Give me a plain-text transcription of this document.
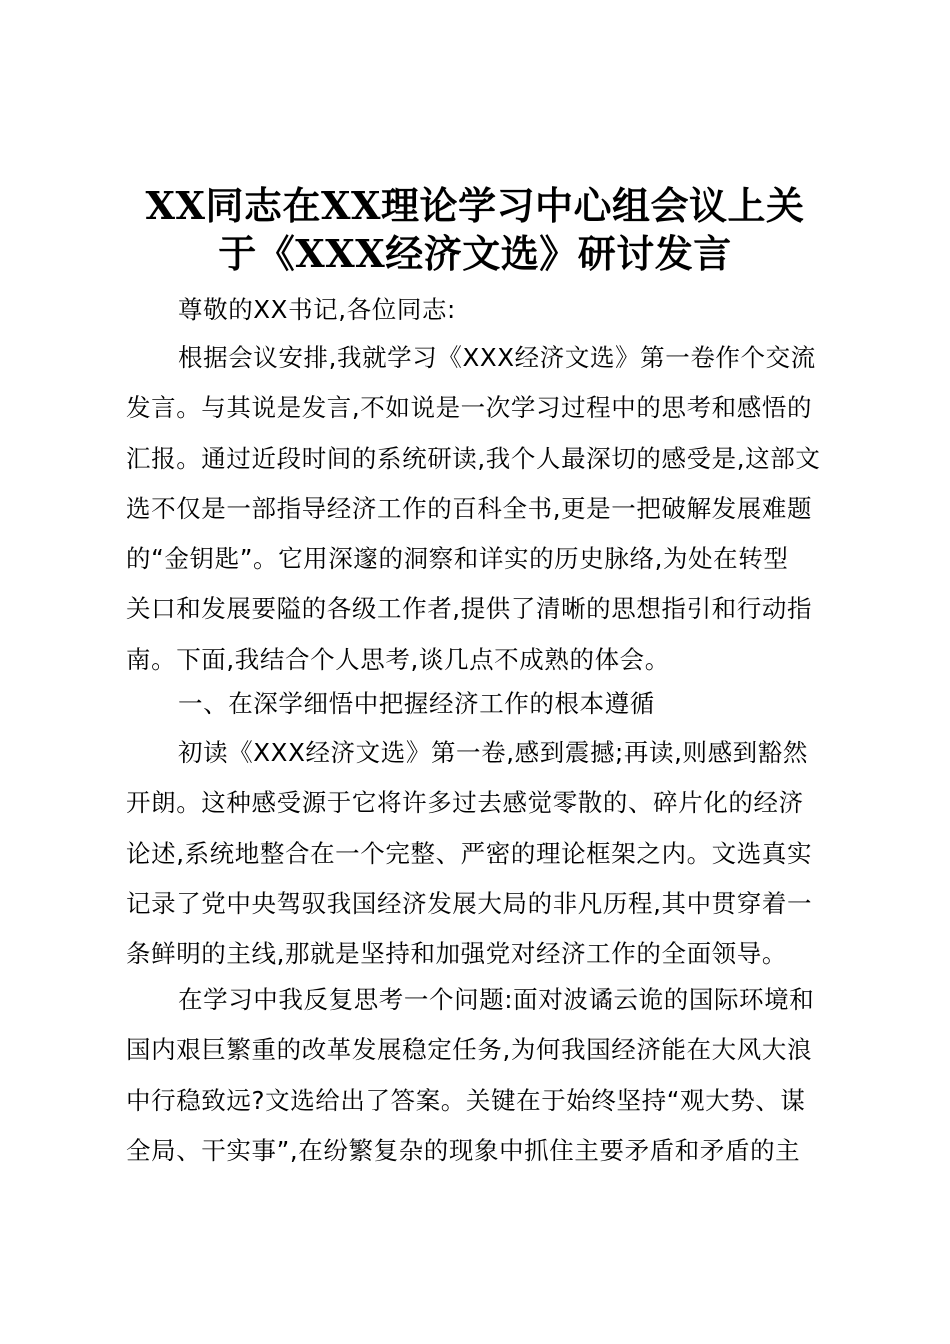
XX同志在XX理论学习中心组会议上关
于《XXX经济文选》研讨发言
尊敬的XX书记,各位同志:
根据会议安排,我就学习《XXX经济文选》第一卷作个交流
发言。与其说是发言,不如说是一次学习过程中的思考和感悟的
汇报。通过近段时间的系统研读,我个人最深切的感受是,这部文
选不仅是一部指导经济工作的百科全书,更是一把破解发展难题
的“金钥匙”。它用深邃的洞察和详实的历史脉络,为处在转型
关口和发展要隘的各级工作者,提供了清晰的思想指引和行动指
南。下面,我结合个人思考,谈几点不成熟的体会。
一、在深学细悟中把握经济工作的根本遵循
初读《XXX经济文选》第一卷,感到震撼;再读,则感到豁然
开朗。这种感受源于它将许多过去感觉零散的、碎片化的经济
论述,系统地整合在一个完整、严密的理论框架之内。文选真实
记录了党中央驾驭我国经济发展大局的非凡历程,其中贯穿着一
条鲜明的主线,那就是坚持和加强党对经济工作的全面领导。
在学习中我反复思考一个问题:面对波谲云诡的国际环境和
国内艰巨繁重的改革发展稳定任务,为何我国经济能在大风大浪
中行稳致远?文选给出了答案。关键在于始终坚持“观大势、谋
全局、干实事”,在纷繁复杂的现象中抓住主要矛盾和矛盾的主
